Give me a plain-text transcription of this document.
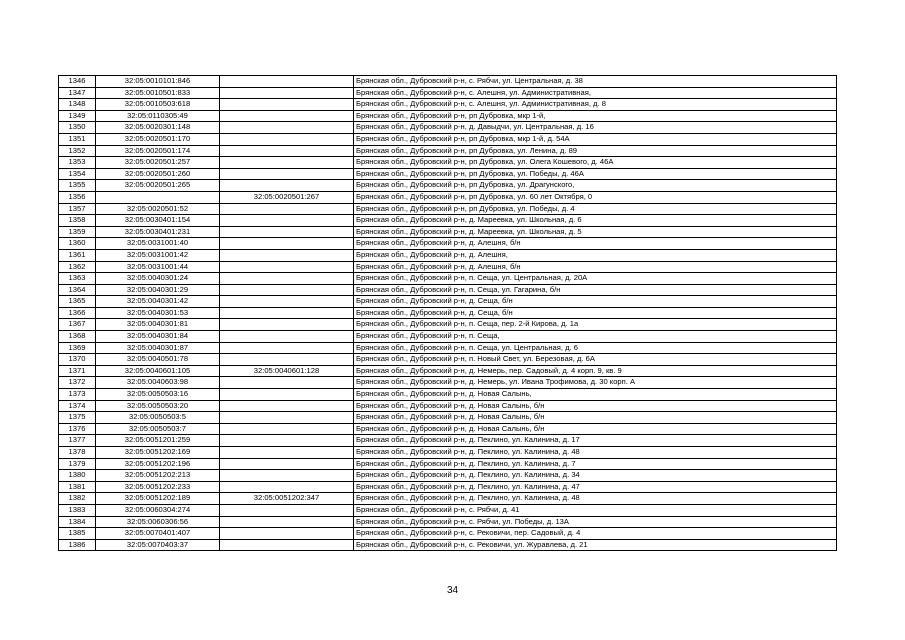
1346	32:05:0010101:846		Брянская обл., Дубровский р-н, с. Рябчи, ул. Центральная, д. 38
1347	32:05:0010501:833		Брянская обл., Дубровский р-н, с. Алешня, ул. Административная,
1348	32:05:0010503:618		Брянская обл., Дубровский р-н, с. Алешня, ул. Административная, д. 8
1349	32:05:0110305:49		Брянская обл., Дубровский р-н, рп Дубровка, мкр 1-й,
1350	32:05:0020301:148		Брянская обл., Дубровский р-н, д. Давыдчи, ул. Центральная, д. 16
1351	32:05:0020501:170		Брянская обл., Дубровский р-н, рп Дубровка, мкр 1-й, д. 54А
1352	32:05:0020501:174		Брянская обл., Дубровский р-н, рп Дубровка, ул. Ленина, д. 89
1353	32:05:0020501:257		Брянская обл., Дубровский р-н, рп Дубровка, ул. Олега Кошевого, д. 46А
1354	32:05:0020501:260		Брянская обл., Дубровский р-н, рп Дубровка, ул. Победы, д. 46А
1355	32:05:0020501:265		Брянская обл., Дубровский р-н, рп Дубровка, ул. Драгунского,
1356		32:05:0020501:267	Брянская обл., Дубровский р-н, рп Дубровка, ул. 60 лет Октября, 0
1357	32:05:0020501:52		Брянская обл., Дубровский р-н, рп Дубровка, ул. Победы, д. 4
1358	32:05:0030401:154		Брянская обл., Дубровский р-н, д. Мареевка, ул. Школьная, д. 6
1359	32:05:0030401:231		Брянская обл., Дубровский р-н, д. Мареевка, ул. Школьная, д. 5
1360	32:05:0031001:40		Брянская обл., Дубровский р-н, д. Алешня, б/н
1361	32:05:0031001:42		Брянская обл., Дубровский р-н, д. Алешня,
1362	32:05:0031001:44		Брянская обл., Дубровский р-н, д. Алешня, б/н
1363	32:05:0040301:24		Брянская обл., Дубровский р-н, п. Сеща, ул. Центральная, д. 20А
1364	32:05:0040301:29		Брянская обл., Дубровский р-н, п. Сеща, ул. Гагарина, б/н
1365	32:05:0040301:42		Брянская обл., Дубровский р-н, д. Сеща, б/н
1366	32:05:0040301:53		Брянская обл., Дубровский р-н, д. Сеща, б/н
1367	32:05:0040301:81		Брянская обл., Дубровский р-н, п. Сеща, пер. 2-й Кирова, д. 1а
1368	32:05:0040301:84		Брянская обл., Дубровский р-н, п. Сеща,
1369	32:05:0040301:87		Брянская обл., Дубровский р-н, п. Сеща, ул. Центральная, д. 6
1370	32:05:0040501:78		Брянская обл., Дубровский р-н, п. Новый Свет, ул. Березовая, д. 6А
1371	32:05:0040601:105	32:05:0040601:128	Брянская обл., Дубровский р-н, д. Немерь, пер. Садовый, д. 4 корп. 9, кв. 9
1372	32:05:0040603:98		Брянская обл., Дубровский р-н, д. Немерь, ул. Ивана Трофимова, д. 30 корп. А
1373	32:05:0050503:16		Брянская обл., Дубровский р-н, д. Новая Салынь,
1374	32:05:0050503:20		Брянская обл., Дубровский р-н, д. Новая Салынь, б/н
1375	32:05:0050503:5		Брянская обл., Дубровский р-н, д. Новая Салынь, б/н
1376	32:05:0050503:7		Брянская обл., Дубровский р-н, д. Новая Салынь, б/н
1377	32:05:0051201:259		Брянская обл., Дубровский р-н, д. Пеклино, ул. Калинина, д. 17
1378	32:05:0051202:169		Брянская обл., Дубровский р-н, д. Пеклино, ул. Калинина, д. 48
1379	32:05:0051202:196		Брянская обл., Дубровский р-н, д. Пеклино, ул. Калинина, д. 7
1380	32:05:0051202:213		Брянская обл., Дубровский р-н, д. Пеклино, ул. Калинина, д. 34
1381	32:05:0051202:233		Брянская обл., Дубровский р-н, д. Пеклино, ул. Калинина, д. 47
1382	32:05:0051202:189	32:05:0051202:347	Брянская обл., Дубровский р-н, д. Пеклино, ул. Калинина, д. 48
1383	32:05:0060304:274		Брянская обл., Дубровский р-н, с. Рябчи, д. 41
1384	32:05:0060306:56		Брянская обл., Дубровский р-н, с. Рябчи, ул. Победы, д. 13А
1385	32:05:0070401:407		Брянская обл., Дубровский р-н, с. Рековичи, пер. Садовый, д. 4
1386	32:05:0070403:37		Брянская обл., Дубровский р-н, с. Рековичи, ул. Журавлева, д. 21
34
